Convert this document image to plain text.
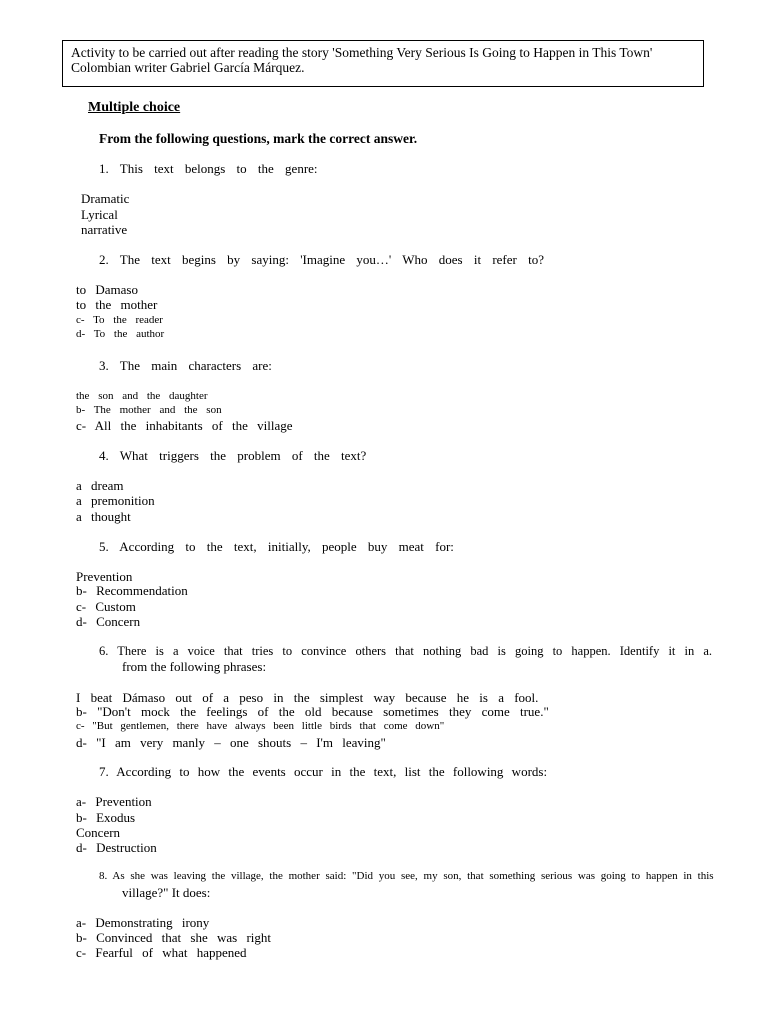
Activity to be carried out after reading the story 'Something Very Serious Is Going to Happen in This Town'
Colombian writer Gabriel García Márquez.
Multiple choice
From the following questions, mark the correct answer.
1. This text belongs to the genre:
Dramatic
Lyrical
narrative
2. The text begins by saying: 'Imagine you…' Who does it refer to?
to Damaso
to the mother
c- To the reader
d- To the author
3. The main characters are:
the son and the daughter
b- The mother and the son
c- All the inhabitants of the village
4. What triggers the problem of the text?
a dream
a premonition
a thought
5. According to the text, initially, people buy meat for:
Prevention
b- Recommendation
c- Custom
d- Concern
6. There is a voice that tries to convince others that nothing bad is going to happen. Identify it in a.
from the following phrases:
I beat Dámaso out of a peso in the simplest way because he is a fool.
b- "Don't mock the feelings of the old because sometimes they come true."
c- "But gentlemen, there have always been little birds that come down"
d- "I am very manly – one shouts – I'm leaving"
7. According to how the events occur in the text, list the following words:
a- Prevention
b- Exodus
Concern
d- Destruction
8. As she was leaving the village, the mother said: "Did you see, my son, that something serious was going to happen in this
village?" It does:
a- Demonstrating irony
b- Convinced that she was right
c- Fearful of what happened
